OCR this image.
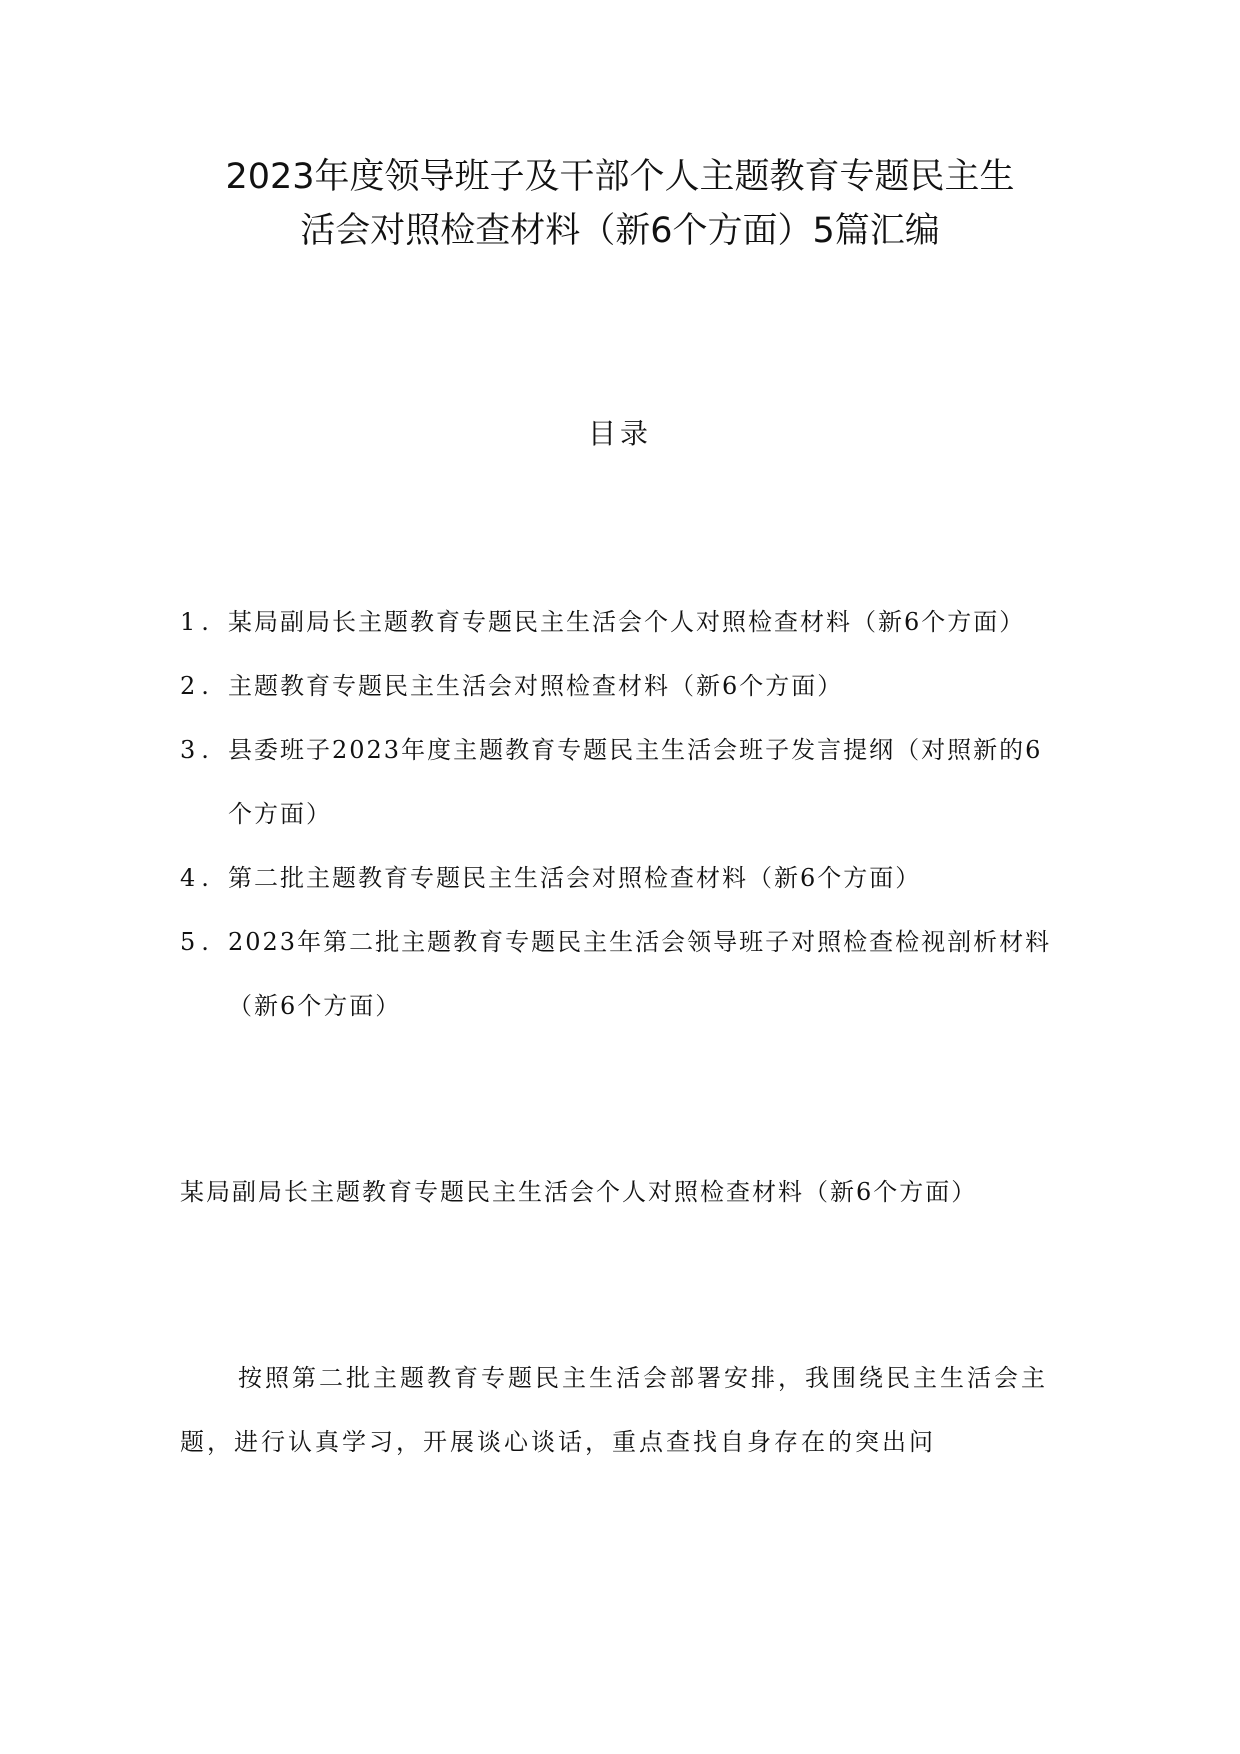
2023年度领导班子及干部个人主题教育专题民主生
活会对照检查材料（新6个方面）5篇汇编
目录
1. 某局副局长主题教育专题民主生活会个人对照检查材料（新6个方面）
2. 主题教育专题民主生活会对照检查材料（新6个方面）
3. 县委班子2023年度主题教育专题民主生活会班子发言提纲（对照新的6个方面）
4. 第二批主题教育专题民主生活会对照检查材料（新6个方面）
5. 2023年第二批主题教育专题民主生活会领导班子对照检查检视剖析材料（新6个方面）
某局副局长主题教育专题民主生活会个人对照检查材料（新6个方面）

按照第二批主题教育专题民主生活会部署安排，我围绕民主生活会主题，进行认真学习，开展谈心谈话，重点查找自身存在的突出问
